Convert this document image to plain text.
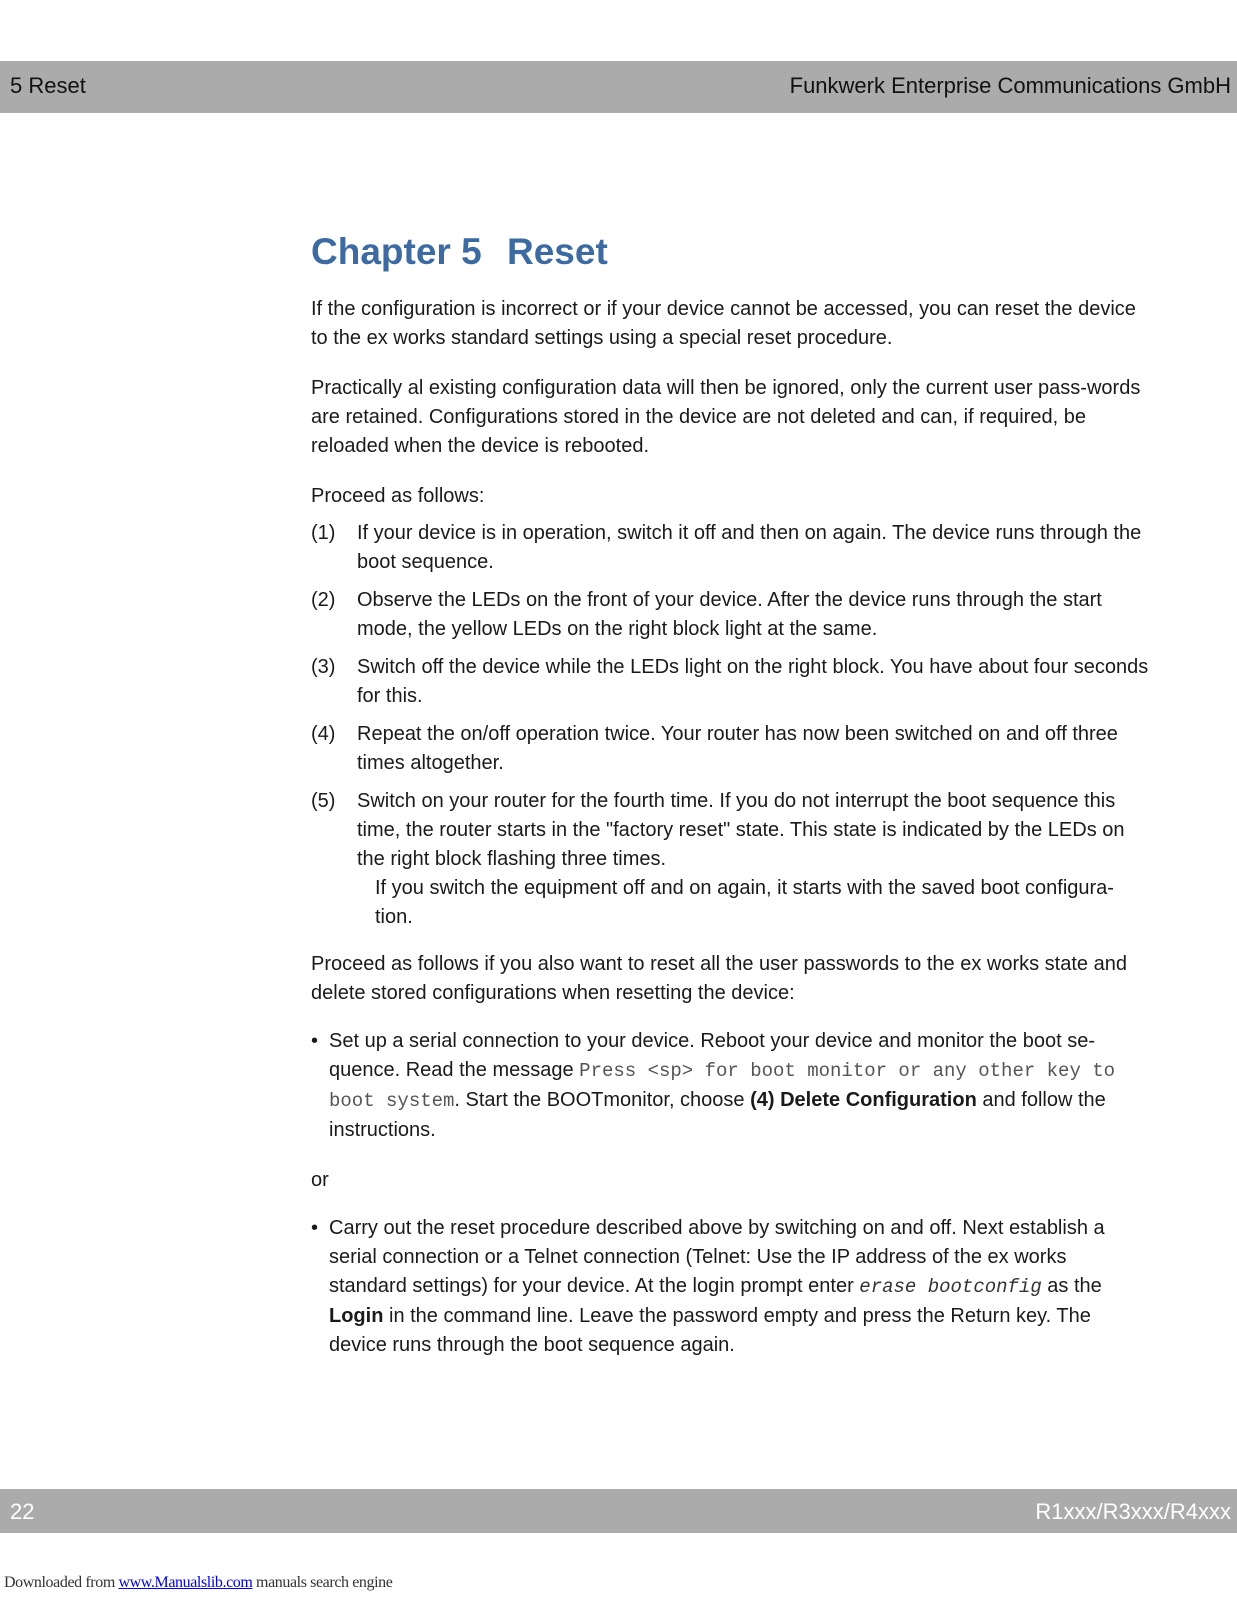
5 Reset	Funkwerk Enterprise Communications GmbH
Chapter 5 Reset

If the configuration is incorrect or if your device cannot be accessed, you can reset the device to the ex works standard settings using a special reset procedure.

Practically al existing configuration data will then be ignored, only the current user pass-words are retained. Configurations stored in the device are not deleted and can, if required, be reloaded when the device is rebooted.

Proceed as follows:

(1)	If your device is in operation, switch it off and then on again. The device runs through the boot sequence.
(2)	Observe the LEDs on the front of your device. After the device runs through the start mode, the yellow LEDs on the right block light at the same.
(3)	Switch off the device while the LEDs light on the right block. You have about four seconds for this.
(4)	Repeat the on/off operation twice. Your router has now been switched on and off three times altogether.
(5)	Switch on your router for the fourth time. If you do not interrupt the boot sequence this time, the router starts in the "factory reset" state. This state is indicated by the LEDs on the right block flashing three times.
If you switch the equipment off and on again, it starts with the saved boot configura-tion.

Proceed as follows if you also want to reset all the user passwords to the ex works state and delete stored configurations when resetting the device:

• Set up a serial connection to your device. Reboot your device and monitor the boot se-quence. Read the message Press <sp> for boot monitor or any other key to boot system. Start the BOOTmonitor, choose (4) Delete Configuration and follow the instructions.

or

• Carry out the reset procedure described above by switching on and off. Next establish a serial connection or a Telnet connection (Telnet: Use the IP address of the ex works standard settings) for your device. At the login prompt enter erase bootconfig as the Login in the command line. Leave the password empty and press the Return key. The device runs through the boot sequence again.
22	R1xxx/R3xxx/R4xxx
Downloaded from www.Manualslib.com manuals search engine
